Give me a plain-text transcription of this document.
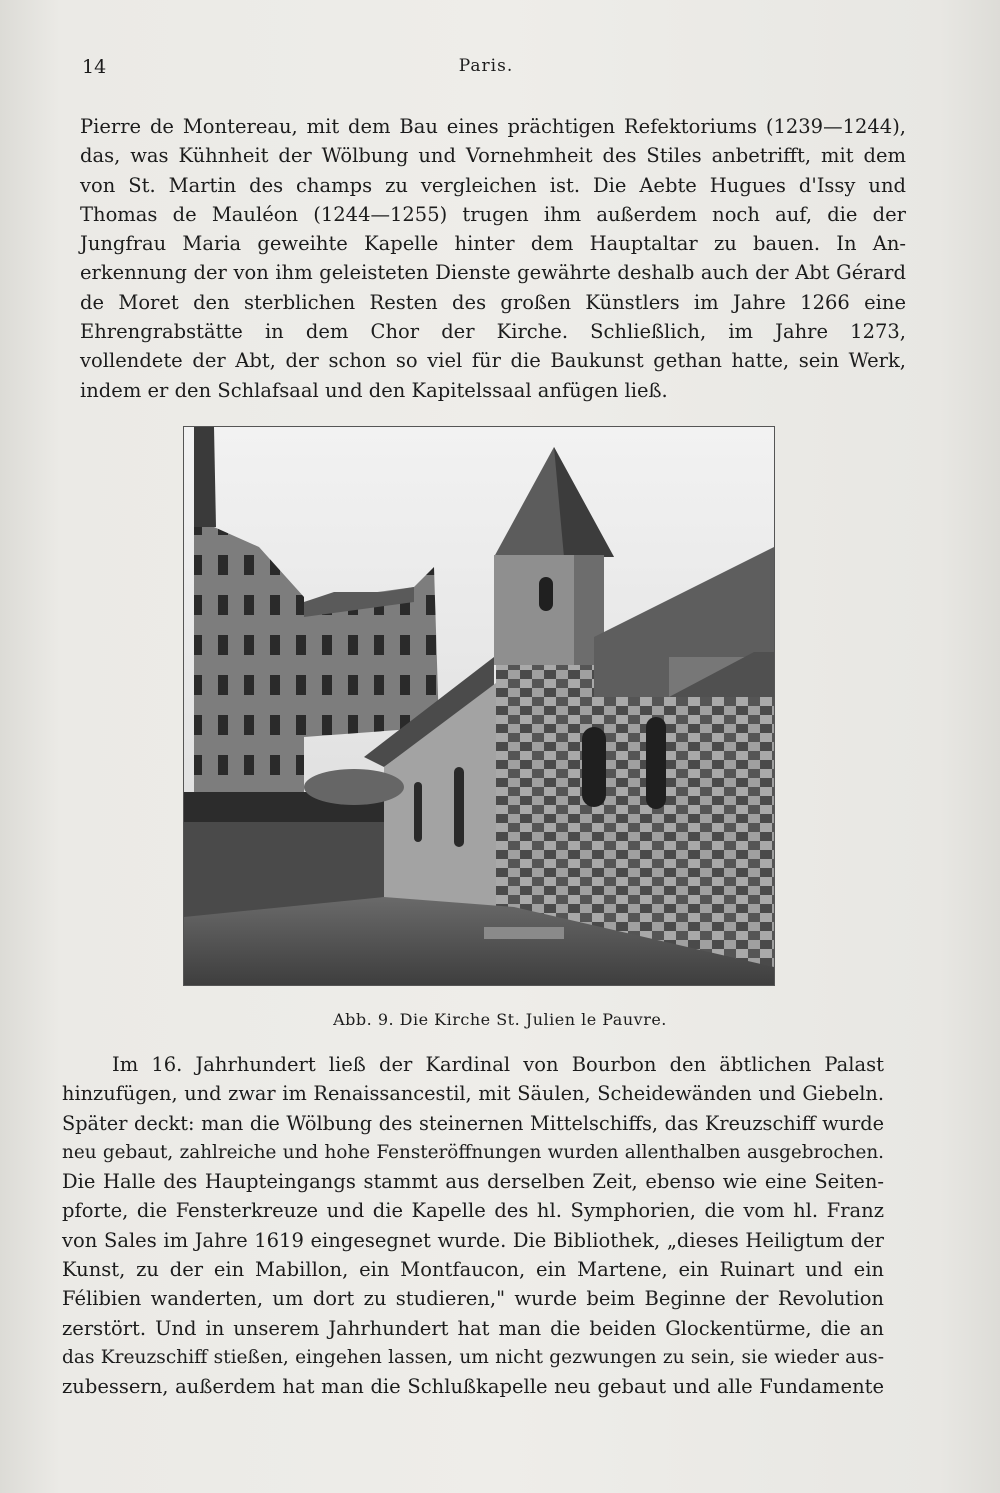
14	Paris.
Pierre de Montereau, mit dem Bau eines prächtigen Refektoriums (1239—1244),
das, was Kühnheit der Wölbung und Vornehmheit des Stiles anbetrifft, mit dem
von St. Martin des champs zu vergleichen ist. Die Aebte Hugues d'Issy und
Thomas de Mauléon (1244—1255) trugen ihm außerdem noch auf, die der
Jungfrau Maria geweihte Kapelle hinter dem Hauptaltar zu bauen. In An-
erkennung der von ihm geleisteten Dienste gewährte deshalb auch der Abt Gérard
de Moret den sterblichen Resten des großen Künstlers im Jahre 1266 eine
Ehrengrabstätte in dem Chor der Kirche. Schließlich, im Jahre 1273,
vollendete der Abt, der schon so viel für die Baukunst gethan hatte, sein Werk,
indem er den Schlafsaal und den Kapitelssaal anfügen ließ.
Abb. 9. Die Kirche St. Julien le Pauvre.
Im 16. Jahrhundert ließ der Kardinal von Bourbon den äbtlichen Palast
hinzufügen, und zwar im Renaissancestil, mit Säulen, Scheidewänden und Giebeln.
Später deckt: man die Wölbung des steinernen Mittelschiffs, das Kreuzschiff wurde
neu gebaut, zahlreiche und hohe Fensteröffnungen wurden allenthalben ausgebrochen.
Die Halle des Haupteingangs stammt aus derselben Zeit, ebenso wie eine Seiten-
pforte, die Fensterkreuze und die Kapelle des hl. Symphorien, die vom hl. Franz
von Sales im Jahre 1619 eingesegnet wurde. Die Bibliothek, „dieses Heiligtum der
Kunst, zu der ein Mabillon, ein Montfaucon, ein Martene, ein Ruinart und ein
Félibien wanderten, um dort zu studieren," wurde beim Beginne der Revolution
zerstört. Und in unserem Jahrhundert hat man die beiden Glockentürme, die an
das Kreuzschiff stießen, eingehen lassen, um nicht gezwungen zu sein, sie wieder aus-
zubessern, außerdem hat man die Schlußkapelle neu gebaut und alle Fundamente
